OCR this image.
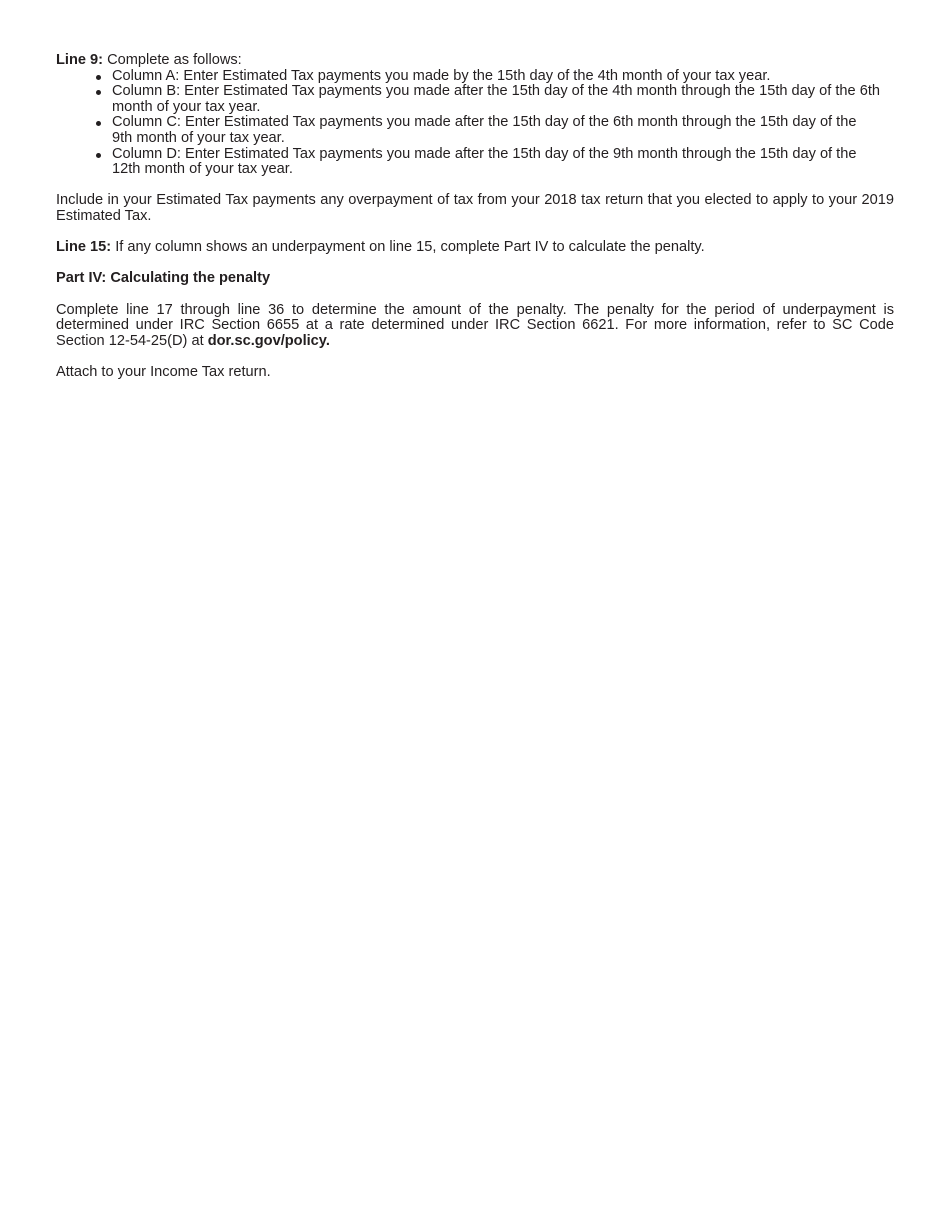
Line 9: Complete as follows:

Column A: Enter Estimated Tax payments you made by the 15th day of the 4th month of your tax year.
Column B: Enter Estimated Tax payments you made after the 15th day of the 4th month through the 15th day of the 6th month of your tax year.
Column C: Enter Estimated Tax payments you made after the 15th day of the 6th month through the 15th day of the 9th month of your tax year.
Column D: Enter Estimated Tax payments you made after the 15th day of the 9th month through the 15th day of the 12th month of your tax year.

Include in your Estimated Tax payments any overpayment of tax from your 2018 tax return that you elected to apply to your 2019 Estimated Tax.

Line 15: If any column shows an underpayment on line 15, complete Part IV to calculate the penalty.

Part IV: Calculating the penalty

Complete line 17 through line 36 to determine the amount of the penalty. The penalty for the period of underpayment is determined under IRC Section 6655 at a rate determined under IRC Section 6621. For more information, refer to SC Code Section 12-54-25(D) at dor.sc.gov/policy.

Attach to your Income Tax return.
